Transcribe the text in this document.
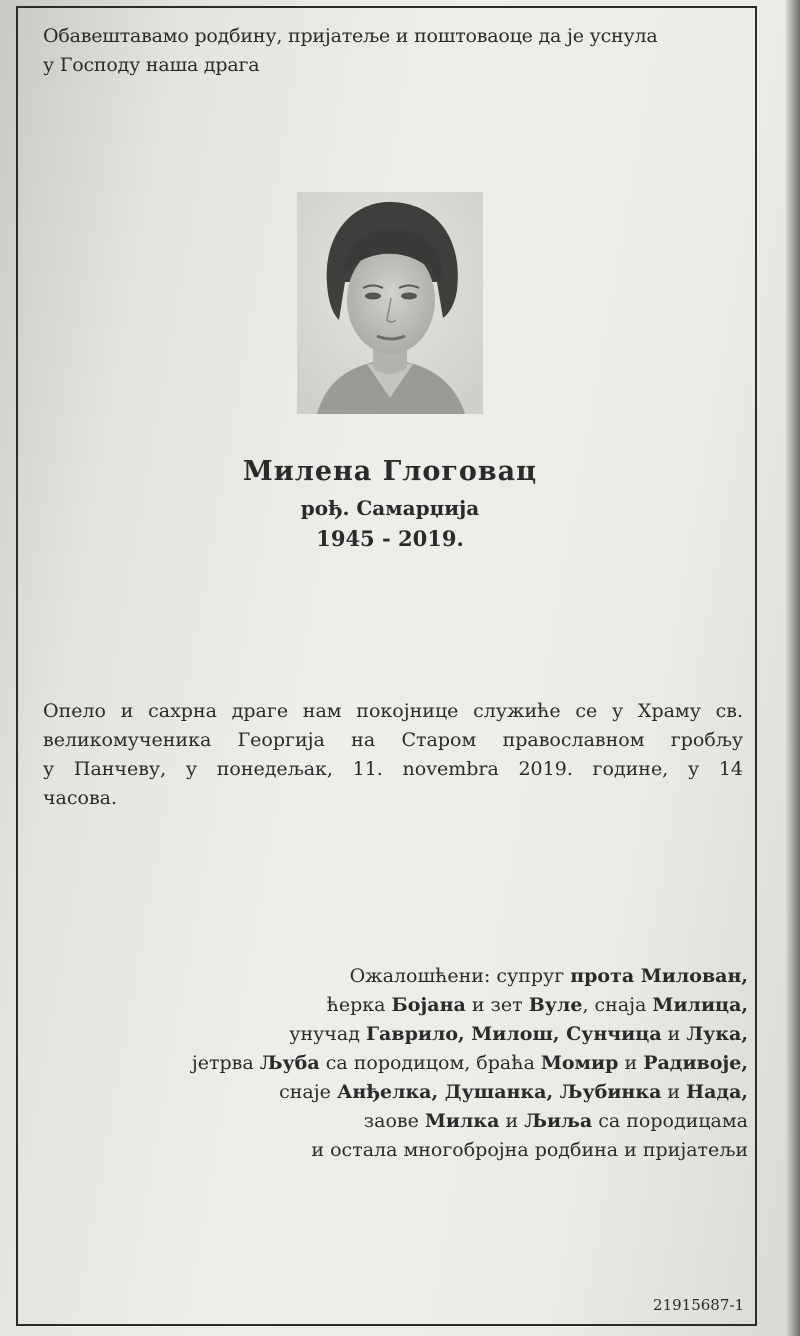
Обавештавамо родбину, пријатеље и поштоваоце да је уснула
у Господу наша драга
Милена Глоговац
рођ. Самарџија
1945 - 2019.
Опело и сахрна драге нам покојнице служиће се у Храму св.
великомученика Георгија на Старом православном гробљу
у Панчеву, у понедељак, 11. novembra 2019. године, у 14
часова.
Ожалошћени: супруг прота Милован,
ћерка Бојана и зет Вуле, снаја Милица,
унучад Гаврило, Милош, Сунчица и Лука,
јетрва Љуба са породицом, браћа Момир и Радивоје,
снаје Анђелка, Душанка, Љубинка и Нада,
заове Милка и Љиља са породицама
и остала многобројна родбина и пријатељи
21915687-1
